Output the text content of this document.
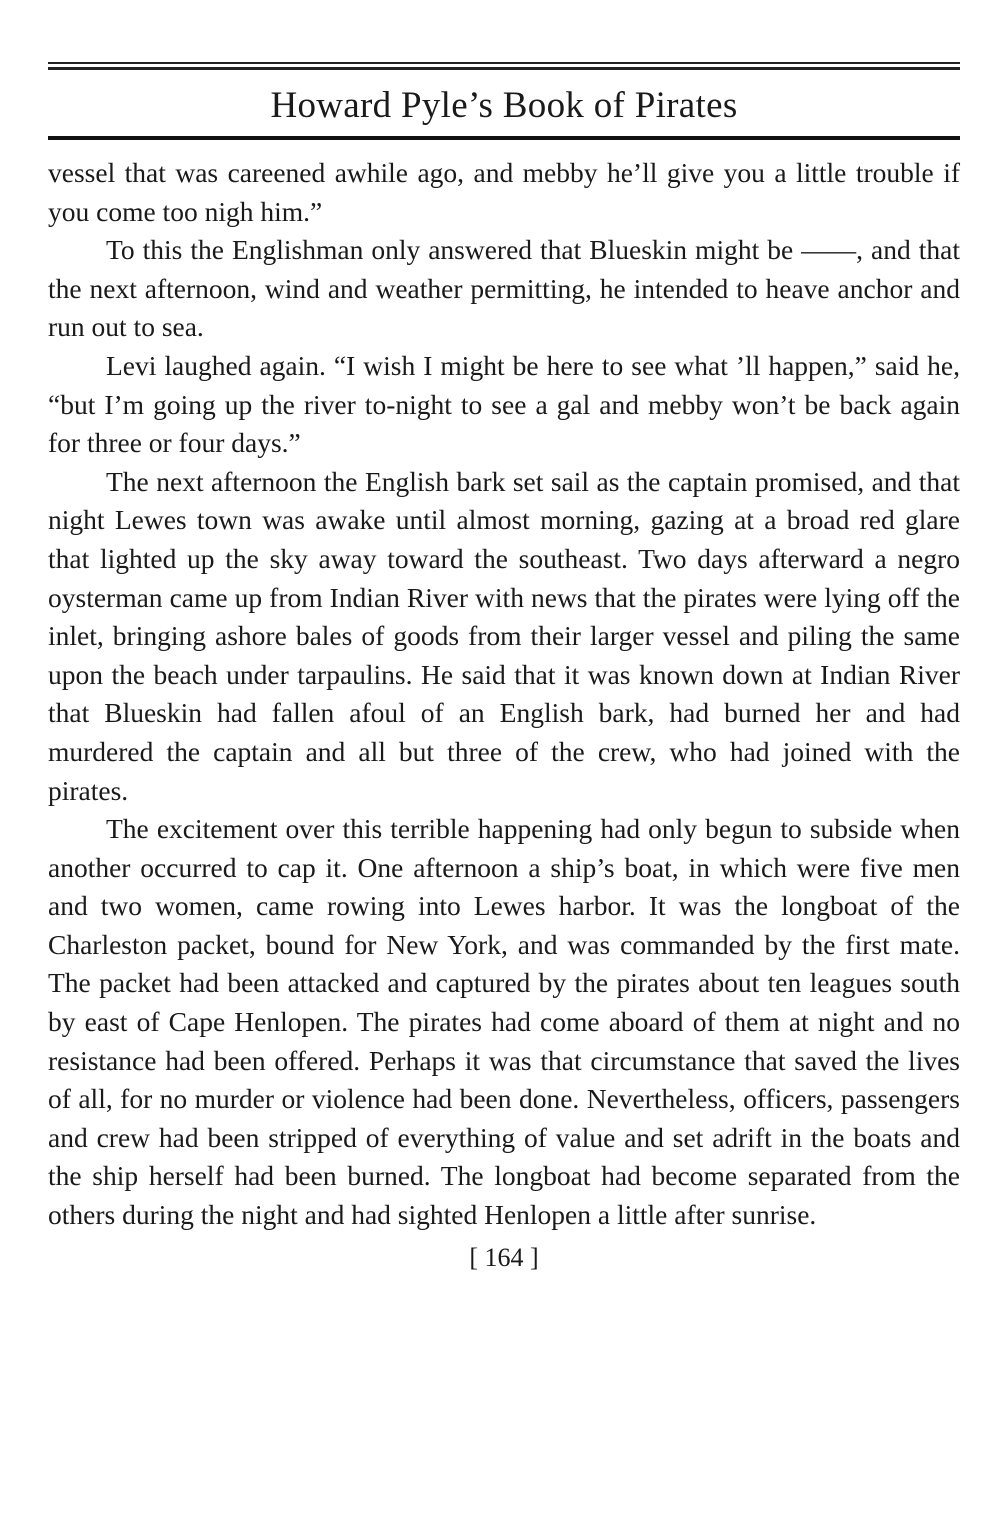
Howard Pyle’s Book of Pirates

vessel that was careened awhile ago, and mebby he’ll give you a little trouble if you come too nigh him.”

To this the Englishman only answered that Blueskin might be ——, and that the next afternoon, wind and weather permitting, he intended to heave anchor and run out to sea.

Levi laughed again. “I wish I might be here to see what ’ll happen,” said he, “but I’m going up the river to-night to see a gal and mebby won’t be back again for three or four days.”

The next afternoon the English bark set sail as the captain promised, and that night Lewes town was awake until almost morning, gazing at a broad red glare that lighted up the sky away toward the southeast. Two days afterward a negro oysterman came up from Indian River with news that the pirates were lying off the inlet, bringing ashore bales of goods from their larger vessel and piling the same upon the beach under tarpaulins. He said that it was known down at Indian River that Blueskin had fallen afoul of an English bark, had burned her and had murdered the captain and all but three of the crew, who had joined with the pirates.

The excitement over this terrible happening had only begun to subside when another occurred to cap it. One afternoon a ship’s boat, in which were five men and two women, came rowing into Lewes harbor. It was the longboat of the Charleston packet, bound for New York, and was commanded by the first mate. The packet had been attacked and captured by the pirates about ten leagues south by east of Cape Henlopen. The pirates had come aboard of them at night and no resistance had been offered. Perhaps it was that circumstance that saved the lives of all, for no murder or violence had been done. Nevertheless, officers, passengers and crew had been stripped of everything of value and set adrift in the boats and the ship herself had been burned. The longboat had become separated from the others during the night and had sighted Henlopen a little after sunrise.

[ 164 ]
